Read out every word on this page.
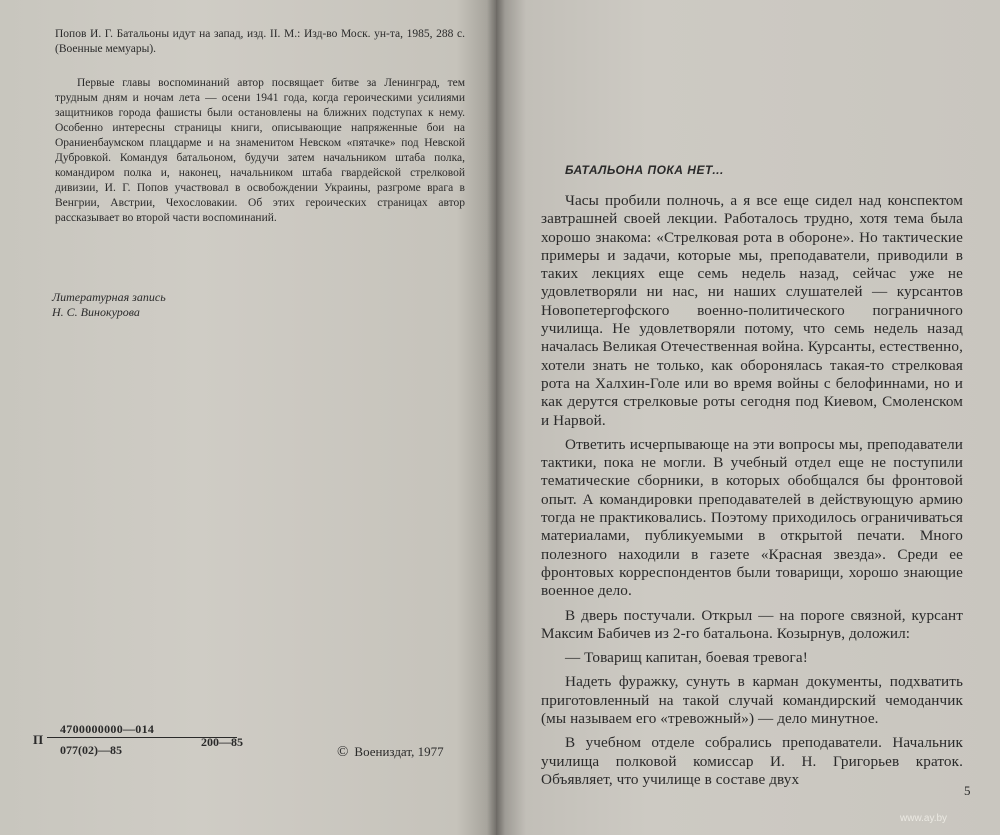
Попов И. Г. Батальоны идут на запад, изд. II. М.: Изд-во Моск. ун-та, 1985, 288 с. (Военные мемуары).

Первые главы воспоминаний автор посвящает битве за Ленинград, тем трудным дням и ночам лета — осени 1941 года, когда героическими усилиями защитников города фашисты были остановлены на ближних подступах к нему. Особенно интересны страницы книги, описывающие напряженные бои на Ораниенбаумском плацдарме и на знаменитом Невском «пятачке» под Невской Дубровкой. Командуя батальоном, будучи затем начальником штаба полка, командиром полка и, наконец, начальником штаба гвардейской стрелковой дивизии, И. Г. Попов участвовал в освобождении Украины, разгроме врага в Венгрии, Австрии, Чехословакии. Об этих героических страницах автор рассказывает во второй части воспоминаний.

Литературная запись
Н. С. Винокурова
П
4700000000—014
077(02)—85
200—85
© Воениздат, 1977
БАТАЛЬОНА ПОКА НЕТ...

Часы пробили полночь, а я все еще сидел над конспектом завтрашней своей лекции. Работалось трудно, хотя тема была хорошо знакома: «Стрелковая рота в обороне». Но тактические примеры и задачи, которые мы, преподаватели, приводили в таких лекциях еще семь недель назад, сейчас уже не удовлетворяли ни нас, ни наших слушателей — курсантов Новопетергофского военно-политического пограничного училища. Не удовлетворяли потому, что семь недель назад началась Великая Отечественная война. Курсанты, естественно, хотели знать не только, как оборонялась такая-то стрелковая рота на Халхин-Голе или во время войны с белофиннами, но и как дерутся стрелковые роты сегодня под Киевом, Смоленском и Нарвой.

Ответить исчерпывающе на эти вопросы мы, преподаватели тактики, пока не могли. В учебный отдел еще не поступили тематические сборники, в которых обобщался бы фронтовой опыт. А командировки преподавателей в действующую армию тогда не практиковались. Поэтому приходилось ограничиваться материалами, публикуемыми в открытой печати. Много полезного находили в газете «Красная звезда». Среди ее фронтовых корреспондентов были товарищи, хорошо знающие военное дело.

В дверь постучали. Открыл — на пороге связной, курсант Максим Бабичев из 2-го батальона. Козырнув, доложил:

— Товарищ капитан, боевая тревога!

Надеть фуражку, сунуть в карман документы, подхватить приготовленный на такой случай командирский чемоданчик (мы называем его «тревожный») — дело минутное.

В учебном отделе собрались преподаватели. Начальник училища полковой комиссар И. Н. Григорьев краток. Объявляет, что училище в составе двух

5
www.ay.by
